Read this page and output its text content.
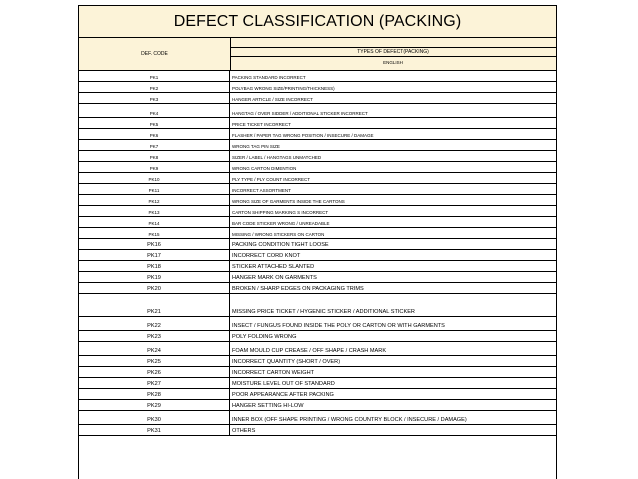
DEFECT CLASSIFICATION (PACKING)
DEF. CODE	TYPES OF DEFECT(PACKING)
ENGLISH
PK1	PACKING STANDARD INCORRECT
PK2	POLYBAG WRONG SIZE/PRINTING/THICKNESS)
PK3	HANGER ARTICLE / SIZE INCORRECT
PK4	HANGTAG / OVER SIDDER / ADDITIONAL STICKER INCORRECT
PK5	PRICE TICKET INCORRECT
PK6	FLASHER / PAPER TAG WRONG POSITION / INSECURE / DAMAGE
PK7	WRONG TAG PIN SIZE
PK8	SIZER / LABEL / HANGTAGS UNMATCHED
PK9	WRONG CARTON DIMENTION
PK10	PLY TYPE / PLY COUNT INCORRECT
PK11	INCORRECT ASSORTMENT
PK12	WRONG SIZE OF GARMENTS INSIDE THE CARTONS
PK13	CARTON SHIPPING MARKING S INCORRECT
PK14	BAR CODE STICKER WRONG / UNREADABLE
PK15	MISSING / WRONG STICKERS ON CARTON
PK16	PACKING CONDITION TIGHT LOOSE
PK17	INCORRECT CORD KNOT
PK18	STICKER ATTACHED SLANTED
PK19	HANGER MARK ON GARMENTS
PK20	BROKEN / SHARP EDGES ON PACKAGING TRIMS
PK21	MISSING PRICE TICKET / HYGENIC STICKER / ADDITIONAL STICKER
PK22	INSECT / FUNGUS FOUND INSIDE THE POLY OR CARTON OR WITH GARMENTS
PK23	POLY FOLDING WRONG
PK24	FOAM MOULD CUP CREASE / OFF SHAPE / CRASH MARK
PK25	INCORRECT QUANTITY (SHORT / OVER)
PK26	INCORRECT CARTON WEIGHT
PK27	MOISTURE LEVEL OUT OF STANDARD
PK28	POOR APPEARANCE AFTER PACKING
PK29	HANGER SETTING HI-LOW
PK30	INNER BOX (OFF SHAPE PRINTING / WRONG COUNTRY BLOCK / INSECURE / DAMAGE)
PK31	OTHERS
